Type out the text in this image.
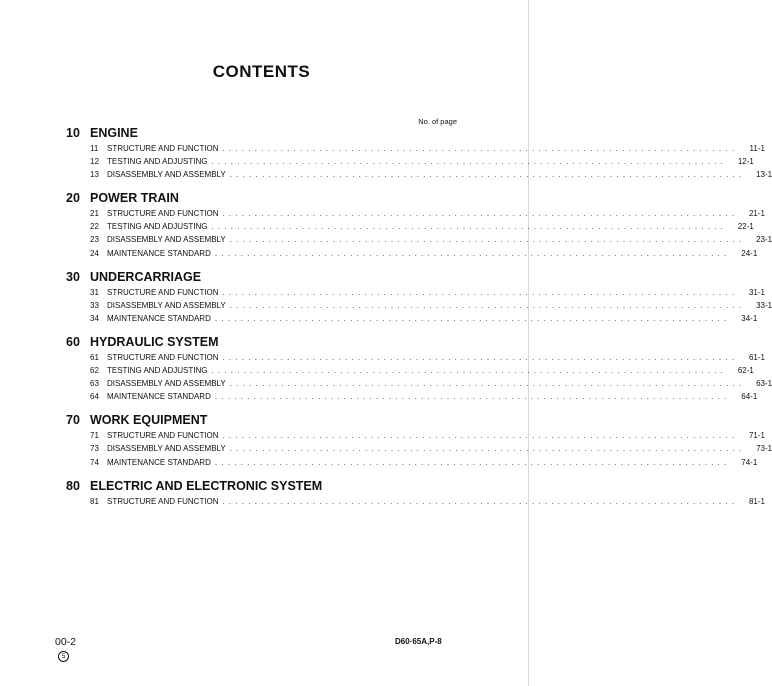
CONTENTS
No. of page
10 ENGINE
11	STRUCTURE AND FUNCTION . . . . . . . . . . . . . . . . . . . . . . . . . . . . . . . . . . . . . . . . . . . . . . . . . . . . . . . . . . . . . . . . . . . . . . . . . . . . . . . .	11-1
12	TESTING AND ADJUSTING . . . . . . . . . . . . . . . . . . . . . . . . . . . . . . . . . . . . . . . . . . . . . . . . . . . . . . . . . . . . . . . . . . . . . . . . . . . . . . . .	12-1
13	DISASSEMBLY AND ASSEMBLY . . . . . . . . . . . . . . . . . . . . . . . . . . . . . . . . . . . . . . . . . . . . . . . . . . . . . . . . . . . . . . . . . . . . . . . . . . . . . . . .	13-1
20 POWER TRAIN
21	STRUCTURE AND FUNCTION . . . . . . . . . . . . . . . . . . . . . . . . . . . . . . . . . . . . . . . . . . . . . . . . . . . . . . . . . . . . . . . . . . . . . . . . . . . . . . . .	21-1
22	TESTING AND ADJUSTING . . . . . . . . . . . . . . . . . . . . . . . . . . . . . . . . . . . . . . . . . . . . . . . . . . . . . . . . . . . . . . . . . . . . . . . . . . . . . . . .	22-1
23	DISASSEMBLY AND ASSEMBLY . . . . . . . . . . . . . . . . . . . . . . . . . . . . . . . . . . . . . . . . . . . . . . . . . . . . . . . . . . . . . . . . . . . . . . . . . . . . . . . .	23-1
24	MAINTENANCE STANDARD . . . . . . . . . . . . . . . . . . . . . . . . . . . . . . . . . . . . . . . . . . . . . . . . . . . . . . . . . . . . . . . . . . . . . . . . . . . . . . . .	24-1
30 UNDERCARRIAGE
31	STRUCTURE AND FUNCTION . . . . . . . . . . . . . . . . . . . . . . . . . . . . . . . . . . . . . . . . . . . . . . . . . . . . . . . . . . . . . . . . . . . . . . . . . . . . . . . .	31-1
33	DISASSEMBLY AND ASSEMBLY . . . . . . . . . . . . . . . . . . . . . . . . . . . . . . . . . . . . . . . . . . . . . . . . . . . . . . . . . . . . . . . . . . . . . . . . . . . . . . . .	33-1
34	MAINTENANCE STANDARD . . . . . . . . . . . . . . . . . . . . . . . . . . . . . . . . . . . . . . . . . . . . . . . . . . . . . . . . . . . . . . . . . . . . . . . . . . . . . . . .	34-1
60 HYDRAULIC SYSTEM
61	STRUCTURE AND FUNCTION . . . . . . . . . . . . . . . . . . . . . . . . . . . . . . . . . . . . . . . . . . . . . . . . . . . . . . . . . . . . . . . . . . . . . . . . . . . . . . . .	61-1
62	TESTING AND ADJUSTING . . . . . . . . . . . . . . . . . . . . . . . . . . . . . . . . . . . . . . . . . . . . . . . . . . . . . . . . . . . . . . . . . . . . . . . . . . . . . . . .	62-1
63	DISASSEMBLY AND ASSEMBLY . . . . . . . . . . . . . . . . . . . . . . . . . . . . . . . . . . . . . . . . . . . . . . . . . . . . . . . . . . . . . . . . . . . . . . . . . . . . . . . .	63-1
64	MAINTENANCE STANDARD . . . . . . . . . . . . . . . . . . . . . . . . . . . . . . . . . . . . . . . . . . . . . . . . . . . . . . . . . . . . . . . . . . . . . . . . . . . . . . . .	64-1
70 WORK EQUIPMENT
71	STRUCTURE AND FUNCTION . . . . . . . . . . . . . . . . . . . . . . . . . . . . . . . . . . . . . . . . . . . . . . . . . . . . . . . . . . . . . . . . . . . . . . . . . . . . . . . .	71-1
73	DISASSEMBLY AND ASSEMBLY . . . . . . . . . . . . . . . . . . . . . . . . . . . . . . . . . . . . . . . . . . . . . . . . . . . . . . . . . . . . . . . . . . . . . . . . . . . . . . . .	73-1
74	MAINTENANCE STANDARD . . . . . . . . . . . . . . . . . . . . . . . . . . . . . . . . . . . . . . . . . . . . . . . . . . . . . . . . . . . . . . . . . . . . . . . . . . . . . . . .	74-1
80 ELECTRIC AND ELECTRONIC SYSTEM
81	STRUCTURE AND FUNCTION . . . . . . . . . . . . . . . . . . . . . . . . . . . . . . . . . . . . . . . . . . . . . . . . . . . . . . . . . . . . . . . . . . . . . . . . . . . . . . . .	81-1
00-2
5
D60·65A,P-8
